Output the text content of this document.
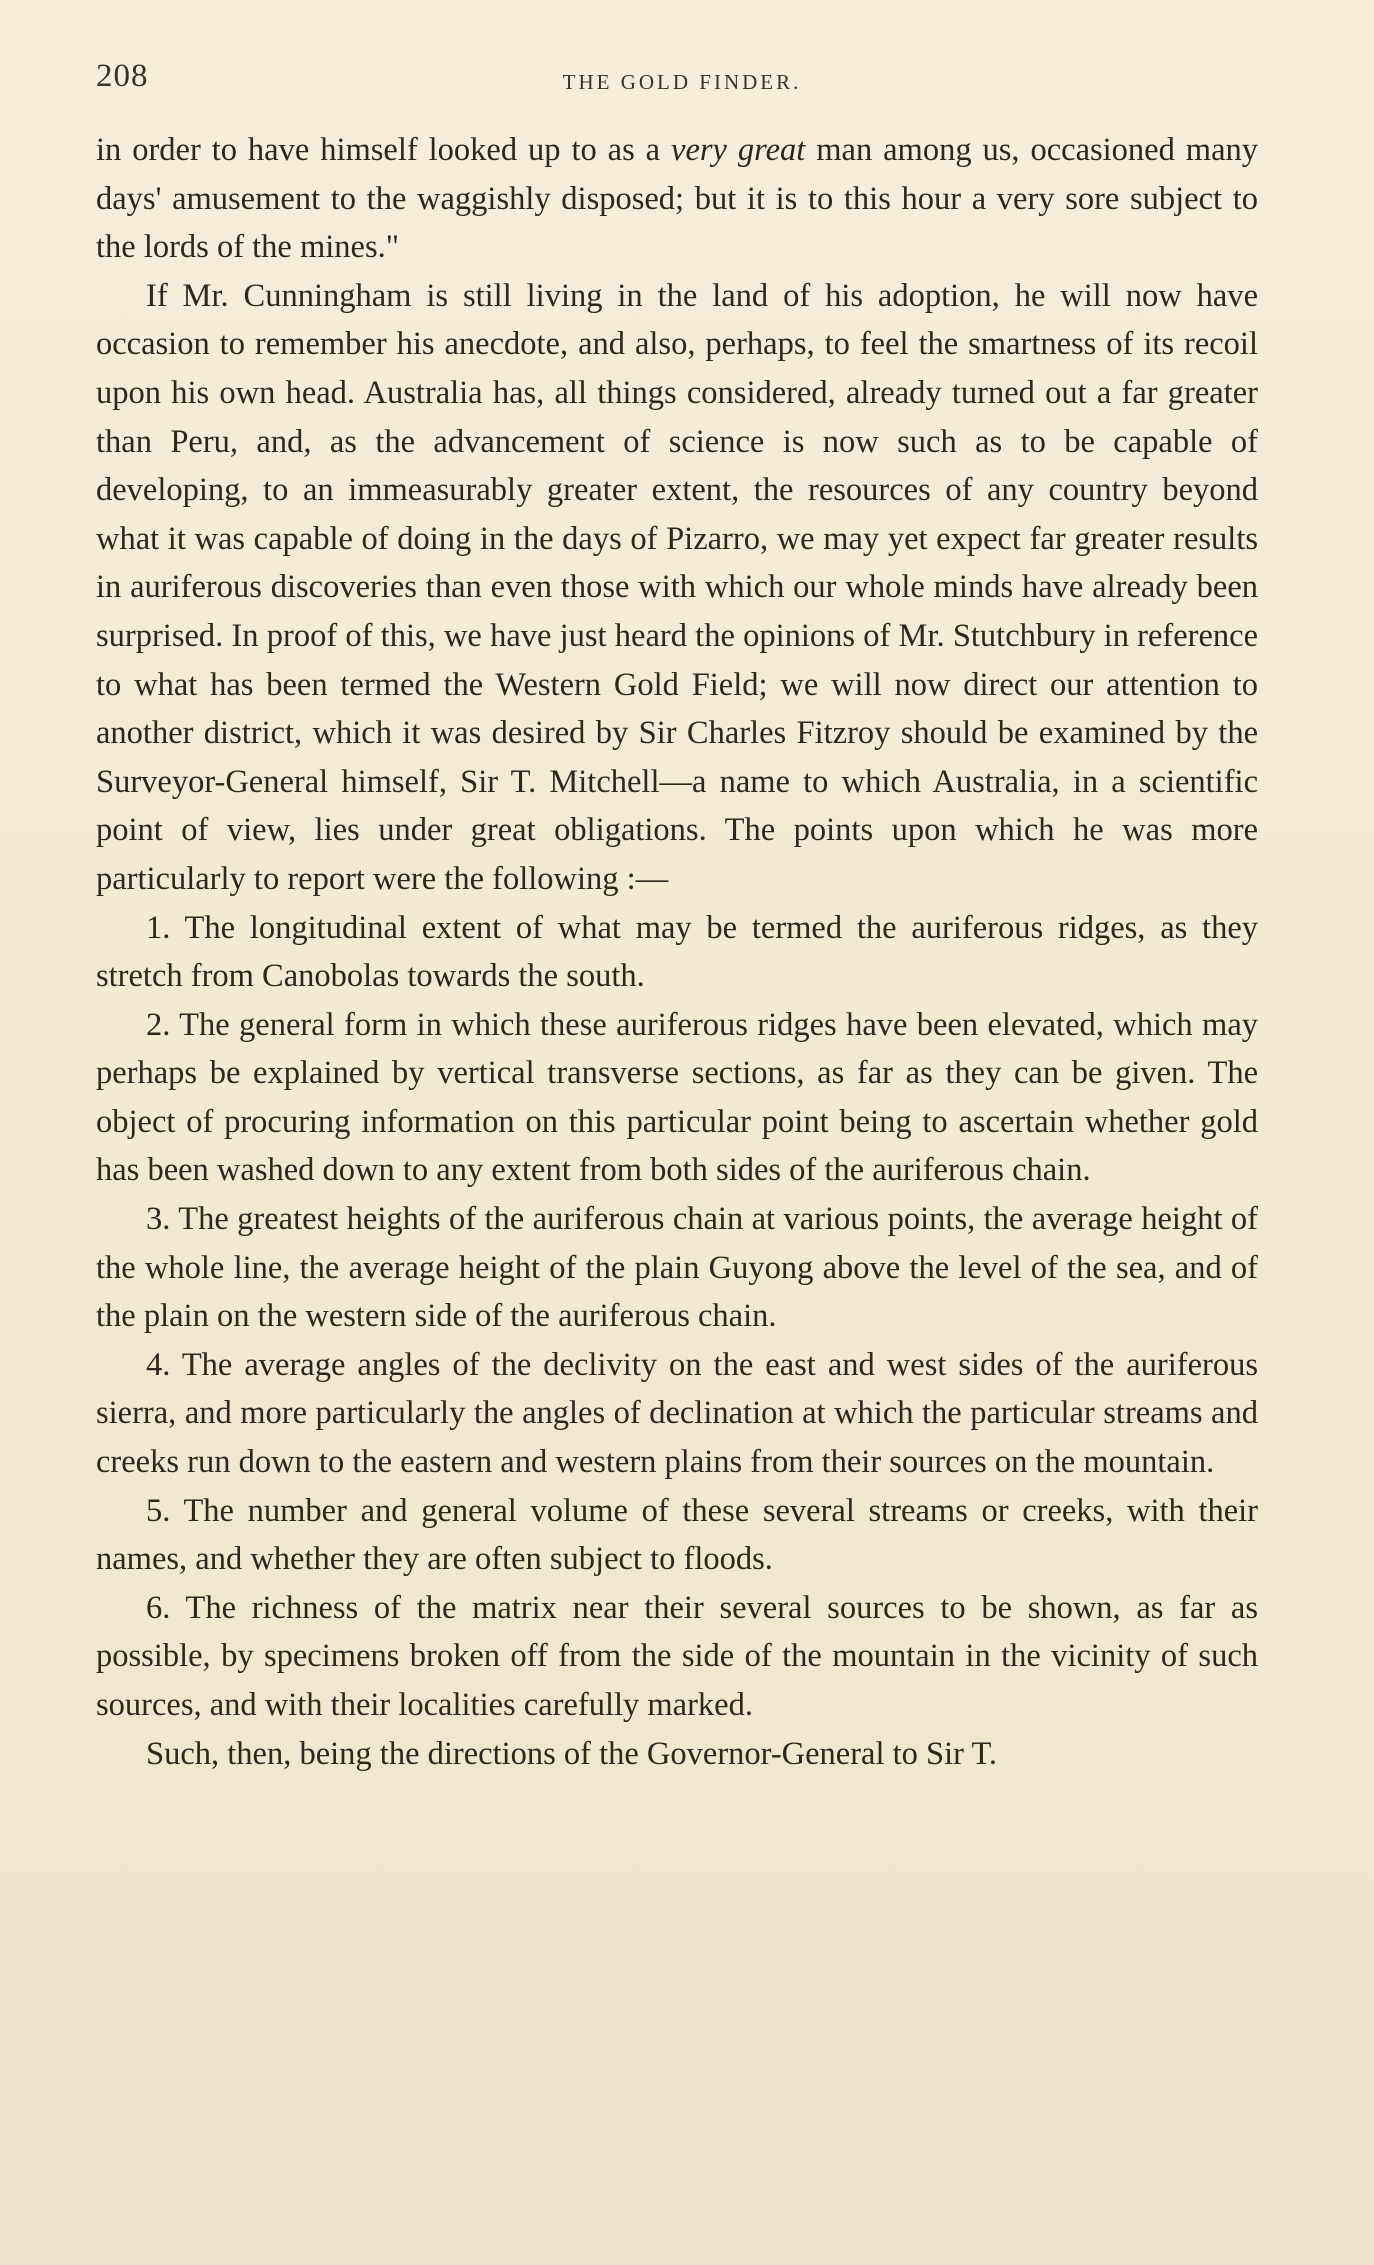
208	THE GOLD FINDER.

in order to have himself looked up to as a very great man among us, occasioned many days' amusement to the waggishly disposed; but it is to this hour a very sore subject to the lords of the mines."

If Mr. Cunningham is still living in the land of his adoption, he will now have occasion to remember his anecdote, and also, perhaps, to feel the smartness of its recoil upon his own head. Australia has, all things considered, already turned out a far greater than Peru, and, as the advancement of science is now such as to be capable of developing, to an immeasurably greater extent, the resources of any country beyond what it was capable of doing in the days of Pizarro, we may yet expect far greater results in auriferous discoveries than even those with which our whole minds have already been surprised. In proof of this, we have just heard the opinions of Mr. Stutchbury in reference to what has been termed the Western Gold Field; we will now direct our attention to another district, which it was desired by Sir Charles Fitzroy should be examined by the Surveyor-General himself, Sir T. Mitchell—a name to which Australia, in a scientific point of view, lies under great obligations. The points upon which he was more particularly to report were the following :—

1. The longitudinal extent of what may be termed the auriferous ridges, as they stretch from Canobolas towards the south.

2. The general form in which these auriferous ridges have been elevated, which may perhaps be explained by vertical transverse sections, as far as they can be given. The object of procuring information on this particular point being to ascertain whether gold has been washed down to any extent from both sides of the auriferous chain.

3. The greatest heights of the auriferous chain at various points, the average height of the whole line, the average height of the plain Guyong above the level of the sea, and of the plain on the western side of the auriferous chain.

4. The average angles of the declivity on the east and west sides of the auriferous sierra, and more particularly the angles of declination at which the particular streams and creeks run down to the eastern and western plains from their sources on the mountain.

5. The number and general volume of these several streams or creeks, with their names, and whether they are often subject to floods.

6. The richness of the matrix near their several sources to be shown, as far as possible, by specimens broken off from the side of the mountain in the vicinity of such sources, and with their localities carefully marked.

Such, then, being the directions of the Governor-General to Sir T.
